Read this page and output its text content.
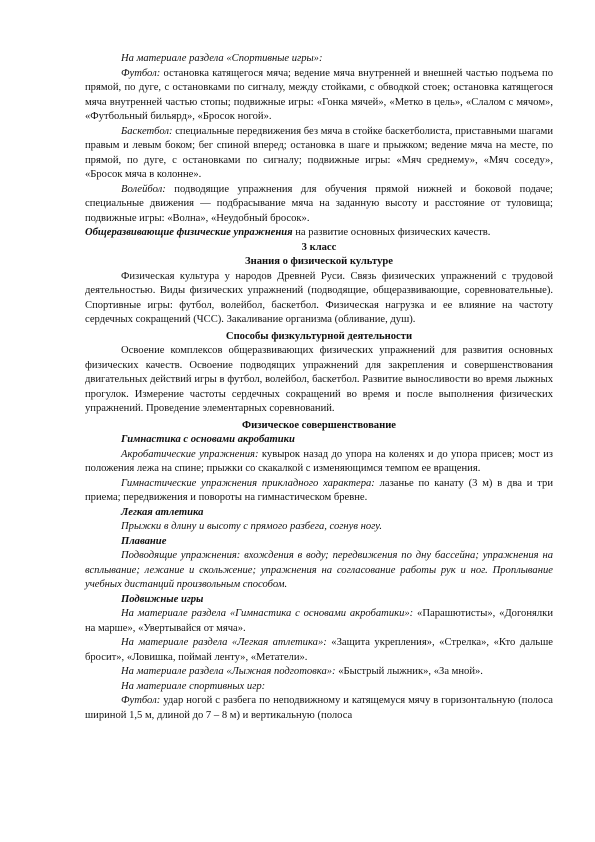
На материале раздела «Спортивные игры»:

Футбол: остановка катящегося мяча; ведение мяча внутренней и внешней частью подъема по прямой, по дуге, с остановками по сигналу, между стойками, с обводкой стоек; остановка катящегося мяча внутренней частью стопы; подвижные игры: «Гонка мячей», «Метко в цель», «Слалом с мячом», «Футбольный бильярд», «Бросок ногой».

Баскетбол: специальные передвижения без мяча в стойке баскетболиста, приставными шагами правым и левым боком; бег спиной вперед; остановка в шаге и прыжком; ведение мяча на месте, по прямой, по дуге, с остановками по сигналу; подвижные игры: «Мяч среднему», «Мяч соседу», «Бросок мяча в колонне».

Волейбол: подводящие упражнения для обучения прямой нижней и боковой подаче; специальные движения — подбрасывание мяча на заданную высоту и расстояние от туловища; подвижные игры: «Волна», «Неудобный бросок».

Общеразвивающие физические упражнения на развитие основных физических качеств.

3 класс

Знания о физической культуре

Физическая культура у народов Древней Руси. Связь физических упражнений с трудовой деятельностью. Виды физических упражнений (подводящие, общеразвивающие, соревновательные). Спортивные игры: футбол, волейбол, баскетбол. Физическая нагрузка и ее влияние на частоту сердечных сокращений (ЧСС). Закаливание организма (обливание, душ).

Способы физкультурной деятельности

Освоение комплексов общеразвивающих физических упражнений для развития основных физических качеств. Освоение подводящих упражнений для закрепления и совершенствования двигательных действий игры в футбол, волейбол, баскетбол. Развитие выносливости во время лыжных прогулок. Измерение частоты сердечных сокращений во время и после выполнения физических упражнений. Проведение элементарных соревнований.

Физическое совершенствование

Гимнастика с основами акробатики

Акробатические упражнения: кувырок назад до упора на коленях и до упора присев; мост из положения лежа на спине; прыжки со скакалкой с изменяющимся темпом ее вращения.

Гимнастические упражнения прикладного характера: лазанье по канату (3 м) в два и три приема; передвижения и повороты на гимнастическом бревне.

Легкая атлетика

Прыжки в длину и высоту с прямого разбега, согнув ногу.

Плавание

Подводящие упражнения: вхождения в воду; передвижения по дну бассейна; упражнения на всплывание; лежание и скольжение; упражнения на согласование работы рук и ног. Проплывание учебных дистанций произвольным способом.

Подвижные игры

На материале раздела «Гимнастика с основами акробатики»: «Парашютисты», «Догонялки на марше», «Увертывайся от мяча».

На материале раздела «Легкая атлетика»: «Защита укрепления», «Стрелка», «Кто дальше бросит», «Ловишка, поймай ленту», «Метатели».

На материале раздела «Лыжная подготовка»: «Быстрый лыжник», «За мной».

На материале спортивных игр:

Футбол: удар ногой с разбега по неподвижному и катящемуся мячу в горизонтальную (полоса шириной 1,5 м, длиной до 7 – 8 м) и вертикальную (полоса
